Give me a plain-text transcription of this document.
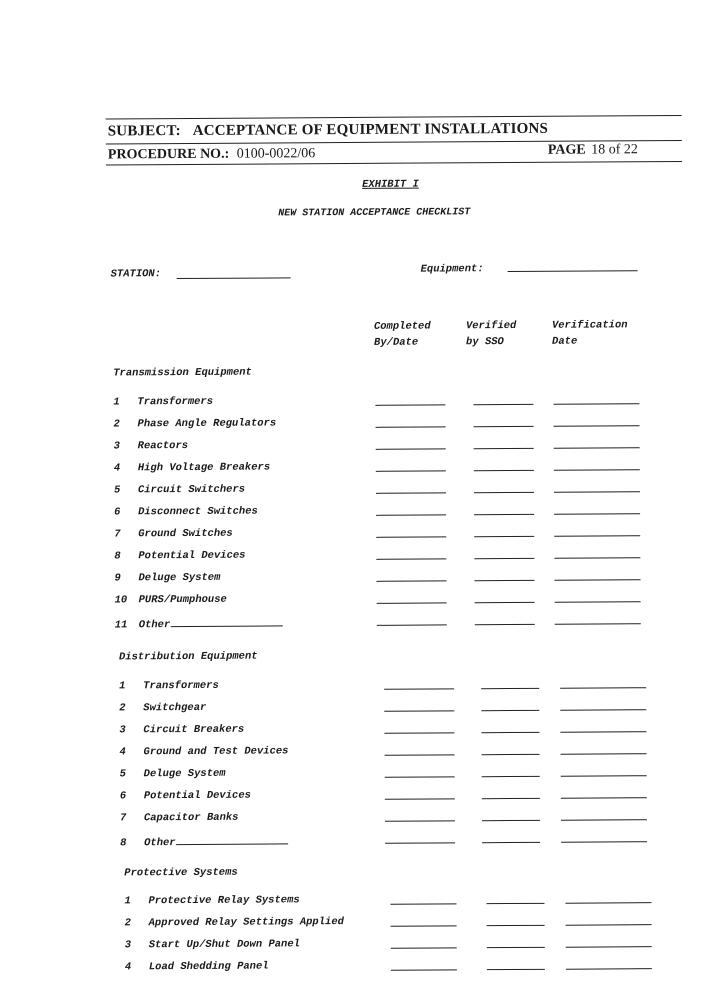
SUBJECT: ACCEPTANCE OF EQUIPMENT INSTALLATIONS
PROCEDURE NO.: 0100-0022/06	PAGE 18 of 22
EXHIBIT I
NEW STATION ACCEPTANCE CHECKLIST
STATION:	Equipment:
Completed
By/Date
Verified
by SSO
Verification
Date
Transmission Equipment
1 Transformers
2 Phase Angle Regulators
3 Reactors
4 High Voltage Breakers
5 Circuit Switchers
6 Disconnect Switches
7 Ground Switches
8 Potential Devices
9 Deluge System
10 PURS/Pumphouse
11 Other
Distribution Equipment
1 Transformers
2 Switchgear
3 Circuit Breakers
4 Ground and Test Devices
5 Deluge System
6 Potential Devices
7 Capacitor Banks
8 Other
Protective Systems
1 Protective Relay Systems
2 Approved Relay Settings Applied
3 Start Up/Shut Down Panel
4 Load Shedding Panel
